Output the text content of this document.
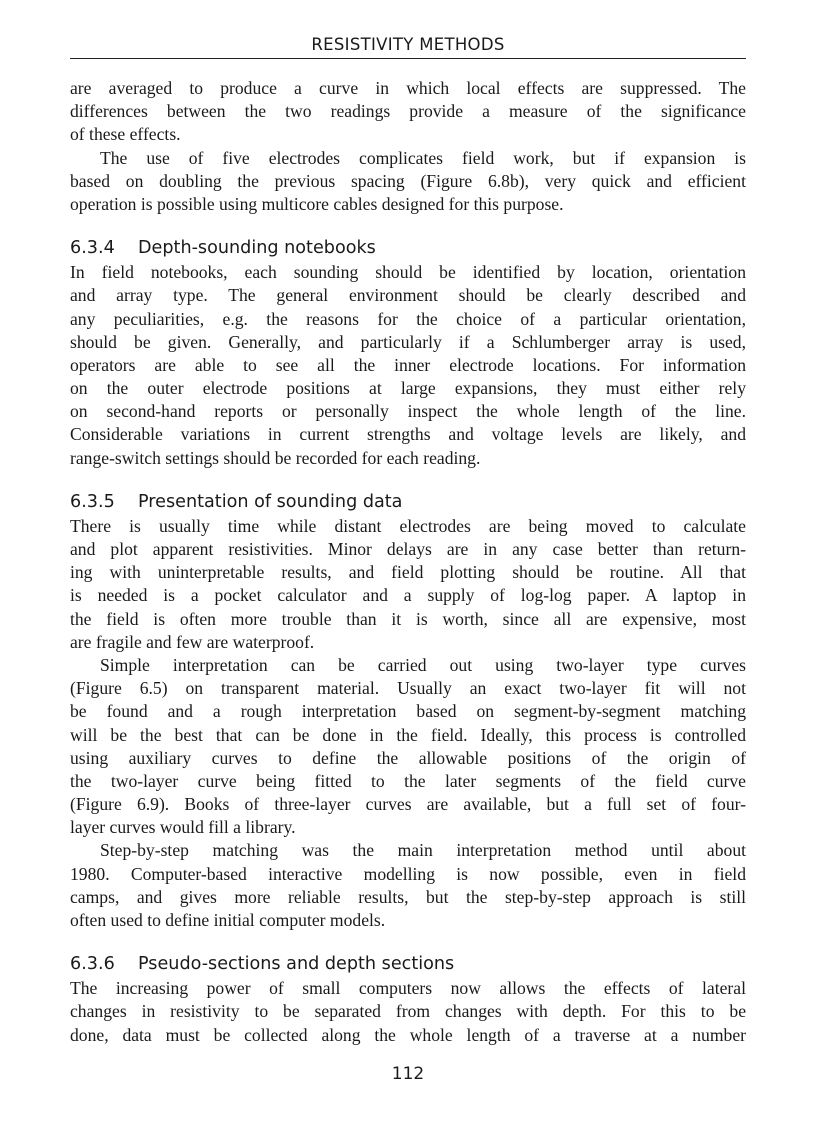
RESISTIVITY METHODS
are averaged to produce a curve in which local effects are suppressed. The
differences between the two readings provide a measure of the significance
of these effects.
The use of five electrodes complicates field work, but if expansion is
based on doubling the previous spacing (Figure 6.8b), very quick and efficient
operation is possible using multicore cables designed for this purpose.
6.3.4 Depth-sounding notebooks
In field notebooks, each sounding should be identified by location, orientation
and array type. The general environment should be clearly described and
any peculiarities, e.g. the reasons for the choice of a particular orientation,
should be given. Generally, and particularly if a Schlumberger array is used,
operators are able to see all the inner electrode locations. For information
on the outer electrode positions at large expansions, they must either rely
on second-hand reports or personally inspect the whole length of the line.
Considerable variations in current strengths and voltage levels are likely, and
range-switch settings should be recorded for each reading.
6.3.5 Presentation of sounding data
There is usually time while distant electrodes are being moved to calculate
and plot apparent resistivities. Minor delays are in any case better than return-
ing with uninterpretable results, and field plotting should be routine. All that
is needed is a pocket calculator and a supply of log-log paper. A laptop in
the field is often more trouble than it is worth, since all are expensive, most
are fragile and few are waterproof.
Simple interpretation can be carried out using two-layer type curves
(Figure 6.5) on transparent material. Usually an exact two-layer fit will not
be found and a rough interpretation based on segment-by-segment matching
will be the best that can be done in the field. Ideally, this process is controlled
using auxiliary curves to define the allowable positions of the origin of
the two-layer curve being fitted to the later segments of the field curve
(Figure 6.9). Books of three-layer curves are available, but a full set of four-
layer curves would fill a library.
Step-by-step matching was the main interpretation method until about
1980. Computer-based interactive modelling is now possible, even in field
camps, and gives more reliable results, but the step-by-step approach is still
often used to define initial computer models.
6.3.6 Pseudo-sections and depth sections
The increasing power of small computers now allows the effects of lateral
changes in resistivity to be separated from changes with depth. For this to be
done, data must be collected along the whole length of a traverse at a number
112
